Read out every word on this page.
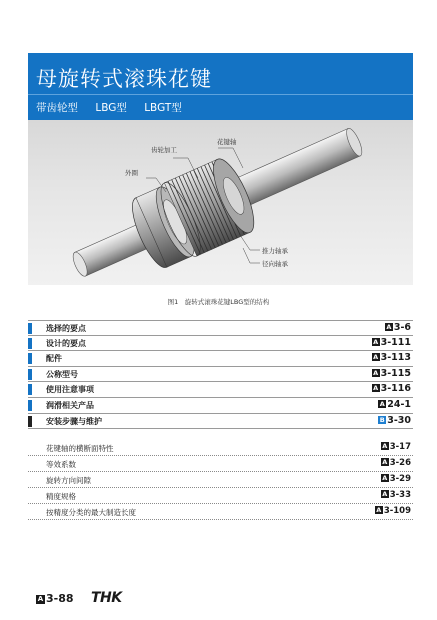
母旋转式滚珠花键
带齿轮型 LBG型 LBGT型
齿轮加工
花键轴
外圈
推力轴承
径向轴承
图1　旋转式滚珠花键LBG型的结构
选择的要点	A 3-6
设计的要点	A 3-111
配件	A 3-113
公称型号	A 3-115
使用注意事项	A 3-116
润滑相关产品	A 24-1
安装步骤与维护	B 3-30
花键轴的横断面特性	A 3-17
等效系数	A 3-26
旋转方向间隙	A 3-29
精度规格	A 3-33
按精度分类的最大制造长度	A 3-109
A 3-88 THK
